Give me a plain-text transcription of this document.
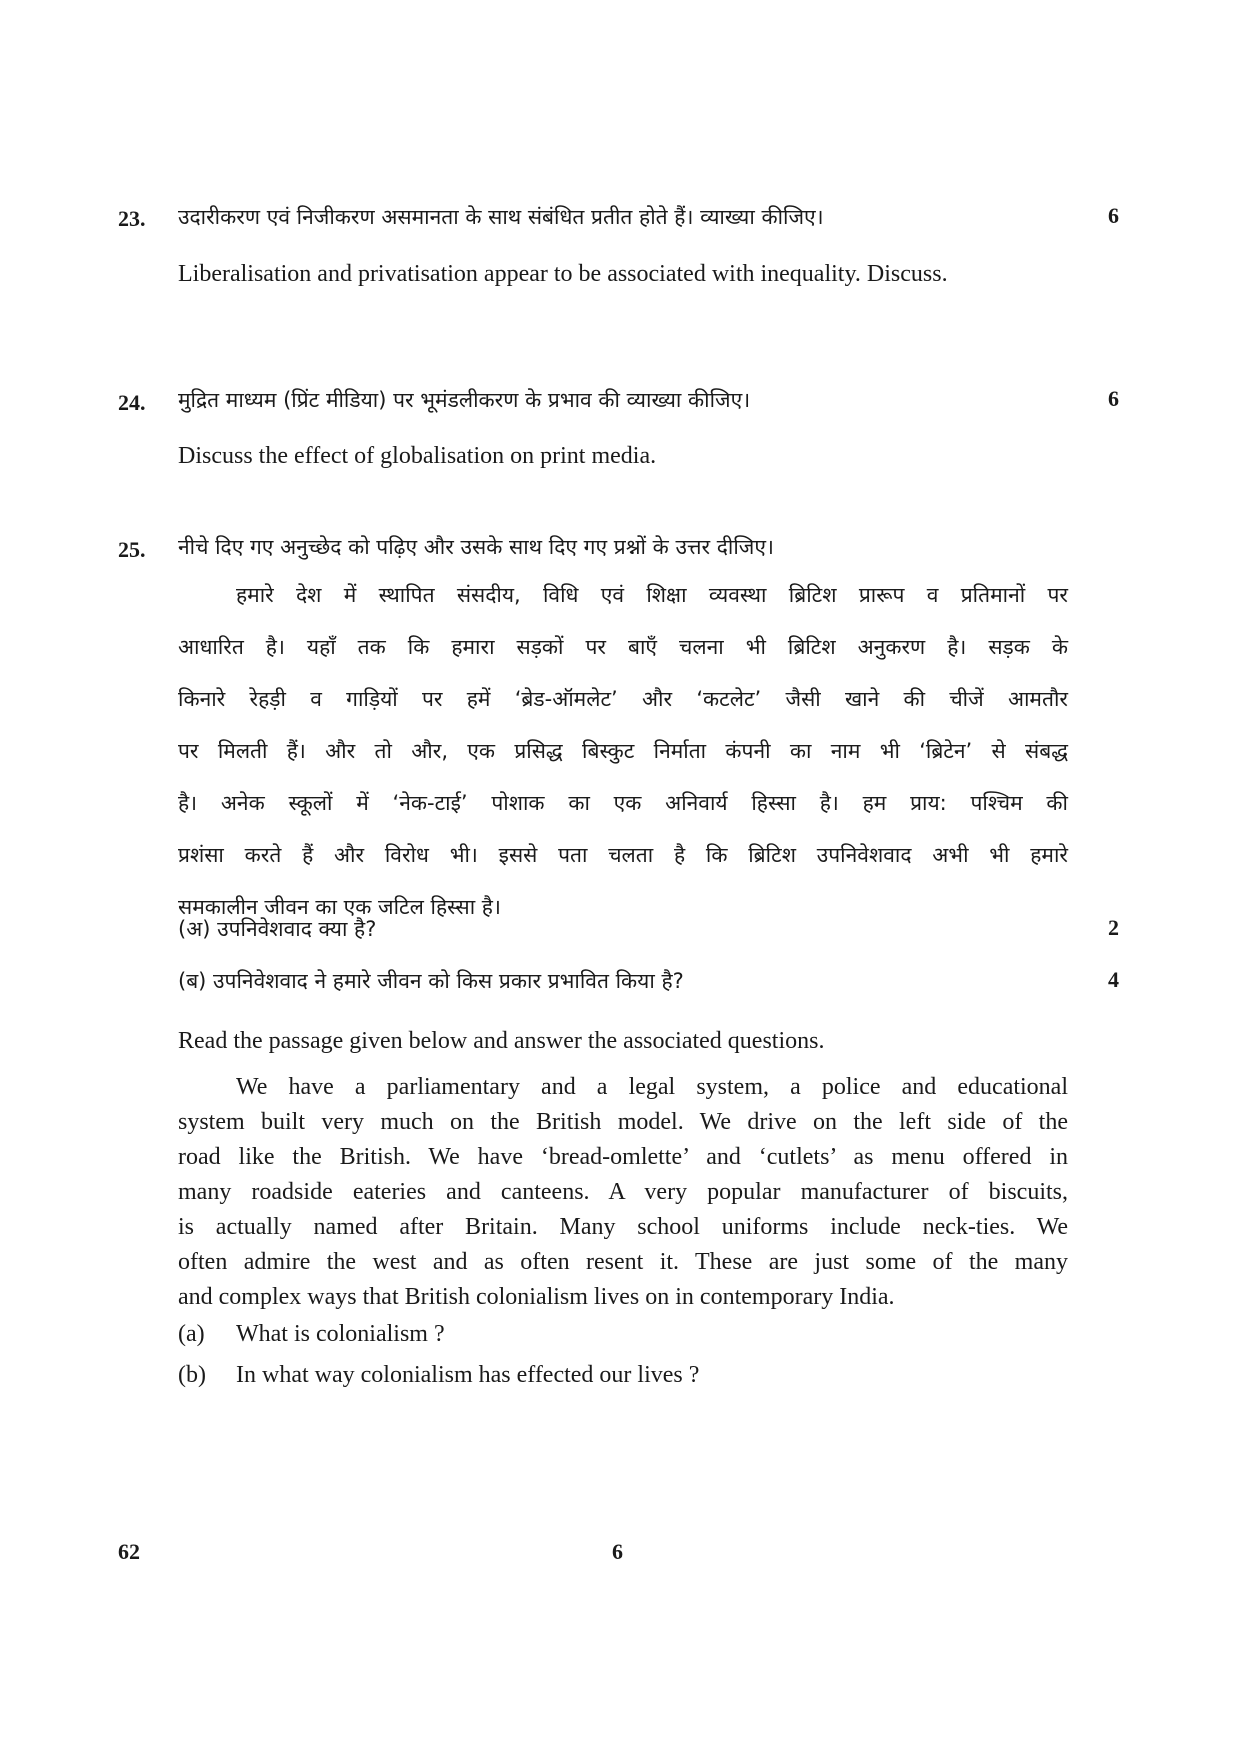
23. उदारीकरण एवं निजीकरण असमानता के साथ संबंधित प्रतीत होते हैं। व्याख्या कीजिए।	6
Liberalisation and privatisation appear to be associated with inequality. Discuss.
24. मुद्रित माध्यम (प्रिंट मीडिया) पर भूमंडलीकरण के प्रभाव की व्याख्या कीजिए।	6
Discuss the effect of globalisation on print media.
25. नीचे दिए गए अनुच्छेद को पढ़िए और उसके साथ दिए गए प्रश्नों के उत्तर दीजिए।
हमारे देश में स्थापित संसदीय, विधि एवं शिक्षा व्यवस्था ब्रिटिश प्रारूप व प्रतिमानों पर
आधारित है। यहाँ तक कि हमारा सड़कों पर बाएँ चलना भी ब्रिटिश अनुकरण है। सड़क के
किनारे रेहड़ी व गाड़ियों पर हमें ‘ब्रेड-ऑमलेट’ और ‘कटलेट’ जैसी खाने की चीजें आमतौर
पर मिलती हैं। और तो और, एक प्रसिद्ध बिस्कुट निर्माता कंपनी का नाम भी ‘ब्रिटेन’ से संबद्ध
है। अनेक स्कूलों में ‘नेक-टाई’ पोशाक का एक अनिवार्य हिस्सा है। हम प्राय: पश्चिम की
प्रशंसा करते हैं और विरोध भी। इससे पता चलता है कि ब्रिटिश उपनिवेशवाद अभी भी हमारे
समकालीन जीवन का एक जटिल हिस्सा है।
(अ) उपनिवेशवाद क्या है?	2
(ब) उपनिवेशवाद ने हमारे जीवन को किस प्रकार प्रभावित किया है?	4
Read the passage given below and answer the associated questions.
We have a parliamentary and a legal system, a police and educational
system built very much on the British model. We drive on the left side of the
road like the British. We have ‘bread-omlette’ and ‘cutlets’ as menu offered in
many roadside eateries and canteens. A very popular manufacturer of biscuits,
is actually named after Britain. Many school uniforms include neck-ties. We
often admire the west and as often resent it. These are just some of the many
and complex ways that British colonialism lives on in contemporary India.
(a) What is colonialism ?
(b) In what way colonialism has effected our lives ?
62	6
